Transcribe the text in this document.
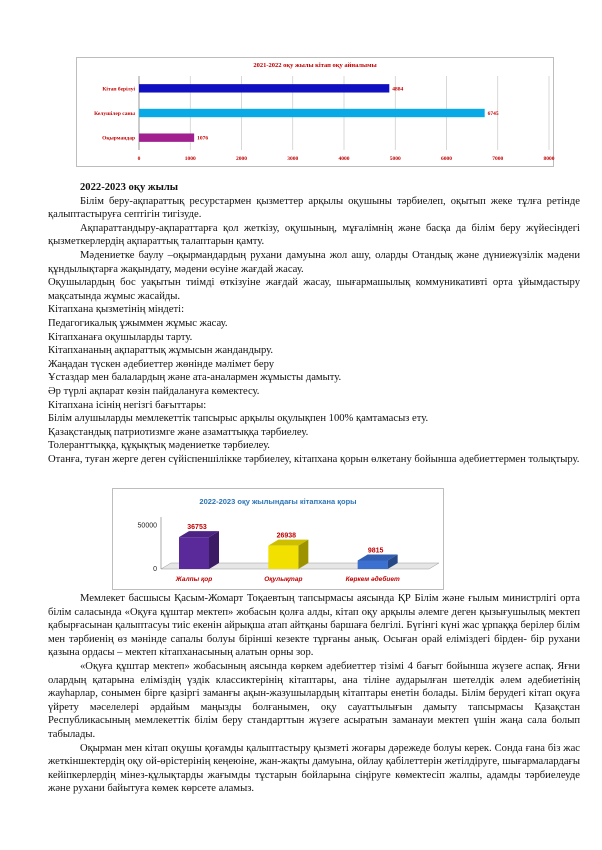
2021-2022 оқу жылы кітап оқу айналымы
0	1000	2000	3000	4000	5000	6000	7000	8000
Кітап берілуі	4884
Келушілер саны	6745
Оқырмандар	1076

2022-2023 оқу жылы

Білім беру-ақпараттық ресурстармен қызметтер арқылы оқушыны тәрбиелеп, оқытып жеке тұлға ретінде қалыптастыруға септігін тигізуде.

Ақпараттандыру-ақпараттарға қол жеткізу, оқушының, мұғалімнің және басқа да білім беру жүйесіндегі қызметкерлердің ақпараттық талаптарын қамту.

Мәдениетке баулу –оқырмандардың рухани дамуына жол ашу, оларды Отандық және дүниежүзілік мәдени құндылықтарға жақындату, мәдени өсуіне жағдай жасау.

Оқушылардың бос уақытын тиімді өткізуіне жағдай жасау, шығармашылық коммуникативті орта ұйымдастыру мақсатында жұмыс жасайды.

Кітапхана қызметінің міндеті:

Педагогикалық ұжыммен жұмыс жасау.

Кітапханаға оқушыларды тарту.

Кітапхананың ақпараттық жұмысын жандандыру.

Жаңадан түскен әдебиеттер жөнінде мәлімет беру

Ұстаздар мен балалардың және ата-аналармен жұмысты дамыту.

Әр түрлі ақпарат көзін пайдалануға көмектесу.

Кітапхана ісінің негізгі бағыттары:

Білім алушыларды мемлекеттік тапсырыс арқылы оқулықпен 100% қамтамасыз ету.

Қазақстандық патриотизмге және азаматтыққа тәрбиелеу.

Толеранттыққа, құқықтық мәдениетке тәрбиелеу.

Отанға, туған жерге деген сүйіспеншілікке тәрбиелеу, кітапхана қорын өлкетану бойынша әдебиеттермен толықтыру.

2022-2023 оқу жылындағы кітапхана қоры
0
50000	36753
Жалпы қор
26938
Оқулықтар
9815
Көркем әдебиет

Мемлекет басшысы Қасым-Жомарт Тоқаевтың тапсырмасы аясында ҚР Білім және ғылым министрлігі орта білім саласында «Оқуға құштар мектеп» жобасын қолға алды, кітап оқу арқылы әлемге деген қызығушылық мектеп қабырғасынан қалыптасуы тиіс екенін айрықша атап айтқаны баршаға белгілі. Бүгінгі күні жас ұрпаққа берілер білім мен тәрбиенің өз мәнінде сапалы болуы бірінші кезекте тұрғаны анық. Осыған орай еліміздегі бірден- бір рухани қазына ордасы – мектеп кітапханасының алатын орны зор.

«Оқуға құштар мектеп» жобасының аясында көркем әдебиеттер тізімі 4 бағыт бойынша жүзеге аспақ. Яғни олардың қатарына еліміздің үздік классиктерінің кітаптары, ана тіліне аударылған шетелдік әлем әдебиетінің жауһарлар, сонымен бірге қазіргі заманғы ақын-жазушылардың кітаптары енетін болады. Білім берудегі кітап оқуға үйрету мәселелері әрдайым маңызды болғанымен, оқу сауаттылығын дамыту тапсырмасы Қазақстан Республикасының мемлекеттік білім беру стандарттын жүзеге асыратын заманауи мектеп үшін жаңа сала болып табылады.

Оқырман мен кітап оқушы қоғамды қалыптастыру қызметі жоғары дәрежеде болуы керек. Сонда ғана біз жас жеткіншектердің оқу ой-өрістерінің кеңеюіне, жан-жақты дамуына, ойлау қабілеттерін жетілдіруге, шығармалардағы кейіпкерлердің мінез-құлықтарды жағымды тұстарын бойларына сіңіруге көмектесіп жалпы, адамды тәрбиелеуде және рухани байытуға көмек көрсете аламыз.
